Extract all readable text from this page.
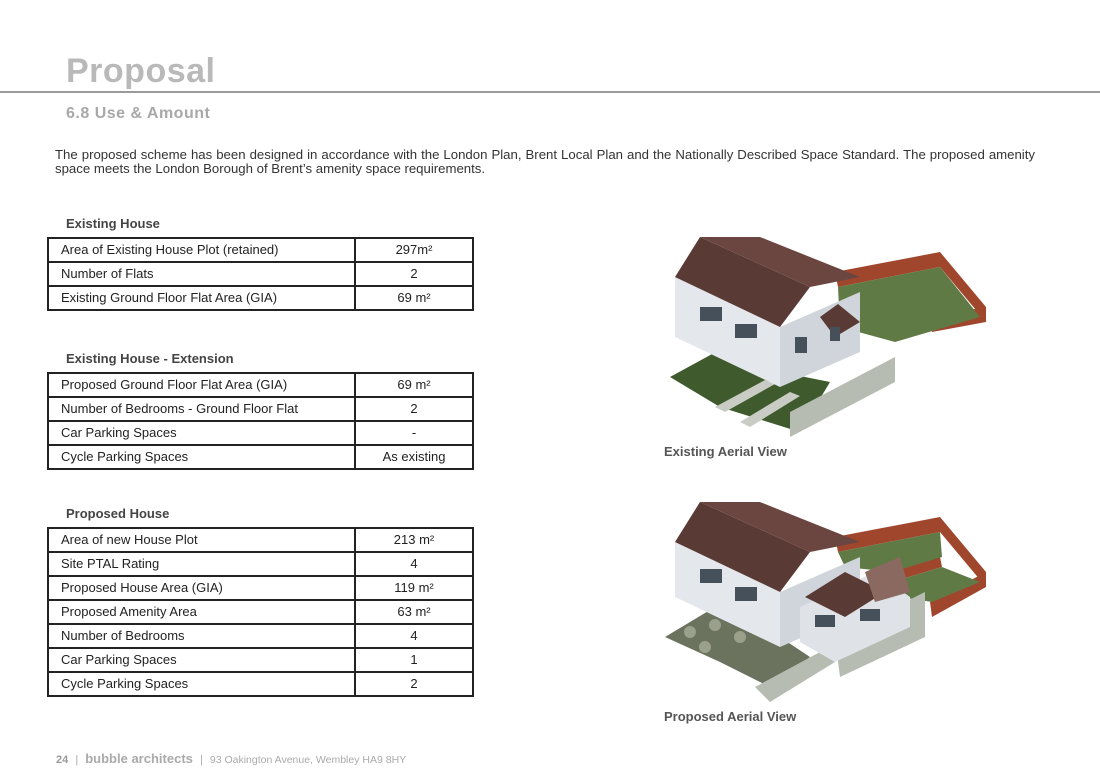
Proposal
6.8 Use & Amount
The proposed scheme has been designed in accordance with the London Plan, Brent Local Plan and the Nationally Described Space Standard. The proposed amenity space meets the London Borough of Brent’s amenity space requirements.
Existing House
Area of Existing House Plot (retained)	297m²
Number of Flats	2
Existing Ground Floor Flat Area (GIA)	69 m²
Existing House - Extension
Proposed Ground Floor Flat Area (GIA)	69 m²
Number of Bedrooms - Ground Floor Flat	2
Car Parking Spaces	-
Cycle Parking Spaces	As existing
Proposed House
Area of new House Plot	213 m²
Site PTAL Rating	4
Proposed House Area (GIA)	119 m²
Proposed Amenity Area	63 m²
Number of Bedrooms	4
Car Parking Spaces	1
Cycle Parking Spaces	2
Existing Aerial View
Proposed Aerial View
24 | bubble architects | 93 Oakington Avenue, Wembley HA9 8HY
